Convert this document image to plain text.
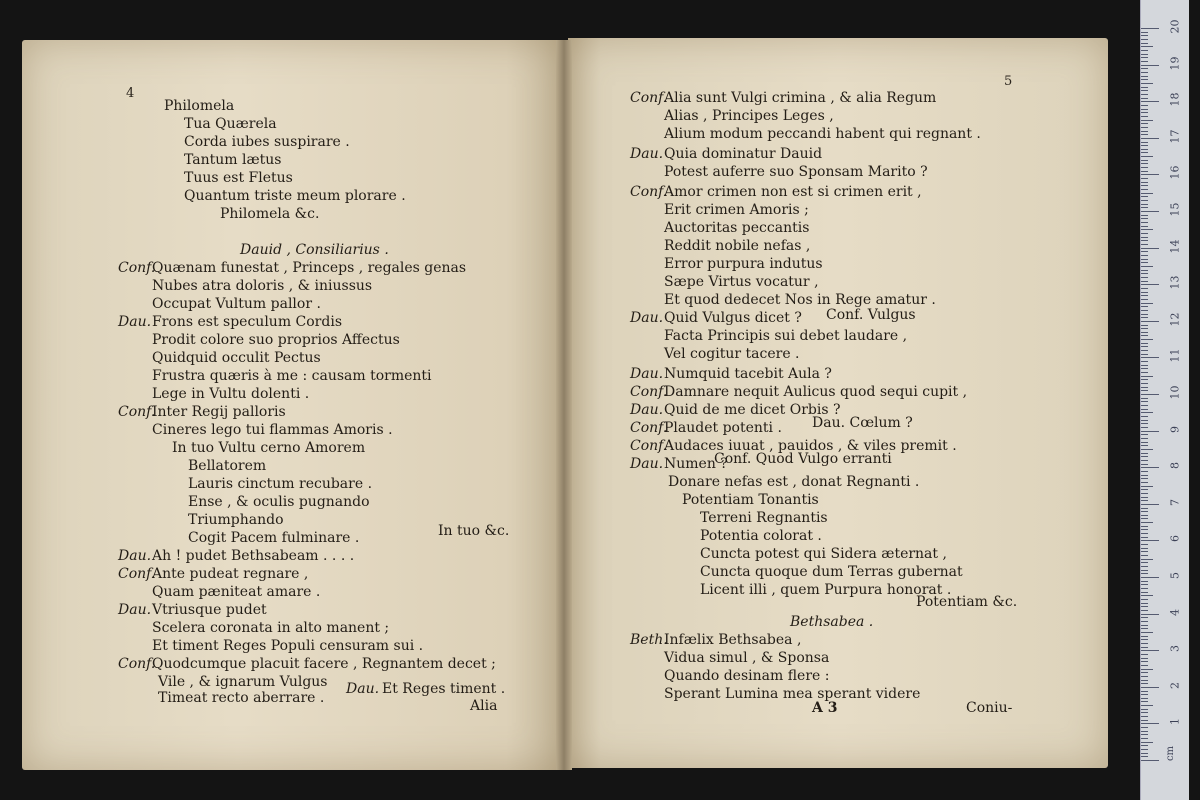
4
5
Philomela
Tua Quærela
Corda iubes suspirare .
Tantum lætus
Tuus est Fletus
Quantum triste meum plorare .
Philomela &c.
Dauid , Consiliarius .
Conf.
Quænam funestat , Princeps , regales genas
Nubes atra doloris , & iniussus
Occupat Vultum pallor .
Dau. Frons est speculum Cordis
Prodit colore suo proprios Affectus
Quidquid occulit Pectus
Frustra quæris à me : causam tormenti
Lege in Vultu dolenti .
Conf.
Inter Regij palloris
Cineres lego tui flammas Amoris .
In tuo Vultu cerno Amorem
Bellatorem
Lauris cinctum recubare .
Ense , & oculis pugnando
Triumphando
Cogit Pacem fulminare .
Dau. Ah ! pudet Bethsabeam . . . .
Conf.
Ante pudeat regnare ,
Quam pæniteat amare .
Dau. Vtriusque pudet
Scelera coronata in alto manent ;
Et timent Reges Populi censuram sui .
Conf.
Quodcumque placuit facere , Regnantem decet ;
Vile , & ignarum Vulgus
Timeat recto aberrare .
Conf.
Alia sunt Vulgi crimina , & alia Regum
Alias , Principes Leges ,
Alium modum peccandi habent qui regnant .
Dau. Quia dominatur Dauid
Potest auferre suo Sponsam Marito ?
Conf.
Amor crimen non est si crimen erit ,
Erit crimen Amoris ;
Auctoritas peccantis
Reddit nobile nefas ,
Error purpura indutus
Sæpe Virtus vocatur ,
Et quod dedecet Nos in Rege amatur .
Dau. Quid Vulgus dicet ?
Facta Principis sui debet laudare ,
Vel cogitur tacere .
Dau. Numquid tacebit Aula ?
Conf.
Damnare nequit Aulicus quod sequi cupit ,
Dau. Quid de me dicet Orbis ?
Conf.
Plaudet potenti .
Conf.
Audaces iuuat , pauidos , & viles premit .
Dau. Numen ?
Donare nefas est , donat Regnanti .
Potentiam Tonantis
Terreni Regnantis
Potentia colorat .
Cuncta potest qui Sidera æternat ,
Cuncta quoque dum Terras gubernat
Licent illi , quem Purpura honorat .
Potentiam &c.
Bethsabea .
Beth.
Infælix Bethsabea ,
Vidua simul , & Sponsa
Quando desinam flere :
Sperant Lumina mea sperant videre
In tuo &c.
Dau. Et Reges timent .
Alia
Conf. Vulgus
Dau. Cœlum ?
Conf. Quod Vulgo erranti
A 3	Coniu-
cm
1
2
3
4
5
6
7
8
9
10
11
12
13
14
15
16
17
18
19
20
